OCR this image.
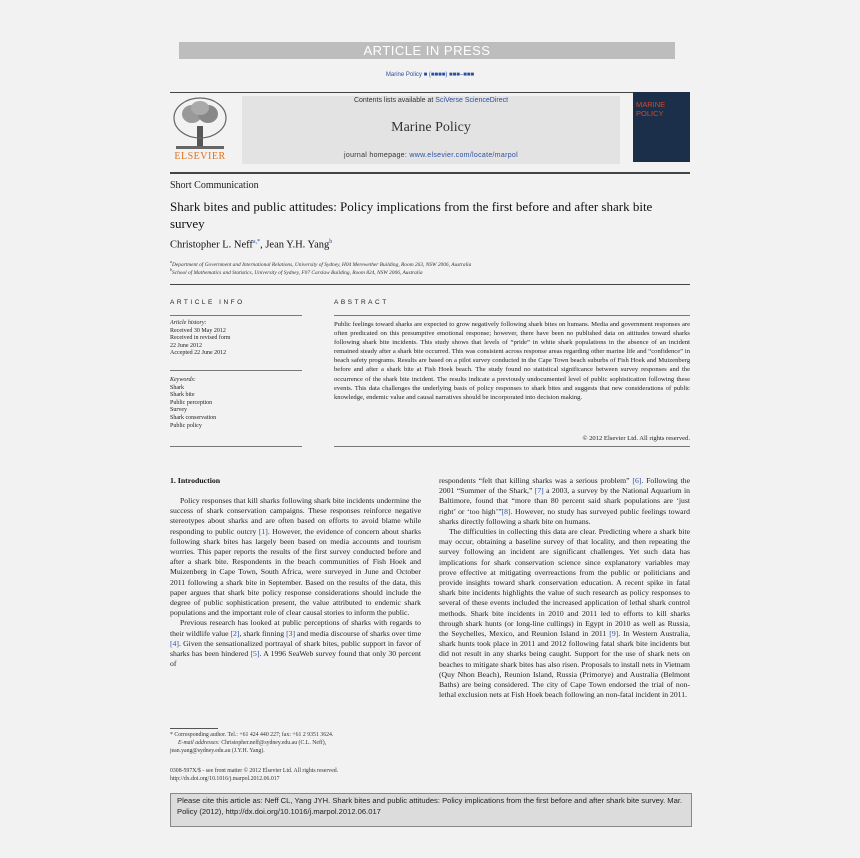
ARTICLE IN PRESS
Marine Policy ■ (■■■■) ■■■–■■■
ELSEVIER
Contents lists available at SciVerse ScienceDirect
Marine Policy
journal homepage: www.elsevier.com/locate/marpol
MARINE POLICY
Short Communication
Shark bites and public attitudes: Policy implications from the first before and after shark bite survey
Christopher L. Neff$^{a,*}$, Jean Y.H. Yang$^b$
$^a$Department of Government and International Relations, University of Sydney, H04 Merewether Building, Room 263, NSW 2006, Australia
$^b$School of Mathematics and Statistics, University of Sydney, F07 Carslaw Building, Room 824, NSW 2006, Australia
ARTICLE INFO
Article history:
Received 30 May 2012
Received in revised form
22 June 2012
Accepted 22 June 2012
Keywords:
Shark
Shark bite
Public perception
Survey
Shark conservation
Public policy
ABSTRACT
Public feelings toward sharks are expected to grow negatively following shark bites on humans. Media and government responses are often predicated on this presumptive emotional response; however, there have been no published data on attitudes toward sharks following shark bite incidents. This study shows that levels of “pride” in white shark populations in the absence of an incident remained steady after a shark bite occurred. This was consistent across response areas regarding other marine life and “confidence” in beach safety programs. Results are based on a pilot survey conducted in the Cape Town beach suburbs of Fish Hoek and Muizenberg before and after a shark bite at Fish Hoek beach. The study found no statistical significance between survey responses and the occurrence of the shark bite incident. The results indicate a previously undocumented level of public sophistication following these events. This data challenges the underlying basis of policy responses to shark bites and suggests that new considerations of public knowledge, endemic value and causal narratives should be incorporated into decision making.
© 2012 Elsevier Ltd. All rights reserved.
1. Introduction

Policy responses that kill sharks following shark bite incidents undermine the success of shark conservation campaigns. These responses reinforce negative stereotypes about sharks and are often based on efforts to avoid blame while responding to public outcry [1]. However, the evidence of concern about sharks following shark bites has largely been based on media accounts and tourism worries. This paper reports the results of the first survey conducted before and after a shark bite. Respondents in the beach communities of Fish Hoek and Muizenberg in Cape Town, South Africa, were surveyed in June and October 2011 following a shark bite in September. Based on the results of the data, this paper argues that shark bite policy response considerations should include the degree of public sophistication present, the value attributed to endemic shark populations and the important role of clear causal stories to inform the public.

Previous research has looked at public perceptions of sharks with regards to their wildlife value [2], shark finning [3] and media discourse of sharks over time [4]. Given the sensationalized portrayal of shark bites, public support in favor of sharks has been hindered [5]. A 1996 SeaWeb survey found that only 30 percent of

respondents “felt that killing sharks was a serious problem” [6]. Following the 2001 “Summer of the Shark,” [7] a 2003, a survey by the National Aquarium in Baltimore, found that “more than 80 percent said shark populations are ‘just right’ or ‘too high’”[8]. However, no study has surveyed public feelings toward sharks directly following a shark bite on humans.

The difficulties in collecting this data are clear. Predicting where a shark bite may occur, obtaining a baseline survey of that locality, and then repeating the survey following an incident are significant challenges. Yet such data has implications for shark conservation science since explanatory variables may prove effective at mitigating overreactions from the public or politicians and provide insights toward shark conservation education. A recent spike in fatal shark bite incidents highlights the value of such research as policy responses to several of these events included the increased application of lethal shark control methods. Shark bite incidents in 2010 and 2011 led to efforts to kill sharks through shark hunts (or long-line cullings) in Egypt in 2010 as well as Russia, the Seychelles, Mexico, and Reunion Island in 2011 [9]. In Western Australia, shark hunts took place in 2011 and 2012 following fatal shark bite incidents but did not result in any sharks being caught. Support for the use of shark nets on beaches to mitigate shark bites has also risen. Proposals to install nets in Vietnam (Quy Nhon Beach), Reunion Island, Russia (Primorye) and Australia (Belmont Baths) are being considered. The city of Cape Town endorsed the trial of non-lethal exclusion nets at Fish Hoek beach following an non-fatal incident in 2011.

* Corresponding author. Tel.: +61 424 440 227; fax: +61 2 9351 3624.
E-mail addresses: Christopher.neff@sydney.edu.au (C.L. Neff),
jean.yang@sydney.edu.au (J.Y.H. Yang).
0308-597X/$ - see front matter © 2012 Elsevier Ltd. All rights reserved.
http://dx.doi.org/10.1016/j.marpol.2012.06.017
Please cite this article as: Neff CL, Yang JYH. Shark bites and public attitudes: Policy implications from the first before and after shark bite survey. Mar. Policy (2012), http://dx.doi.org/10.1016/j.marpol.2012.06.017
